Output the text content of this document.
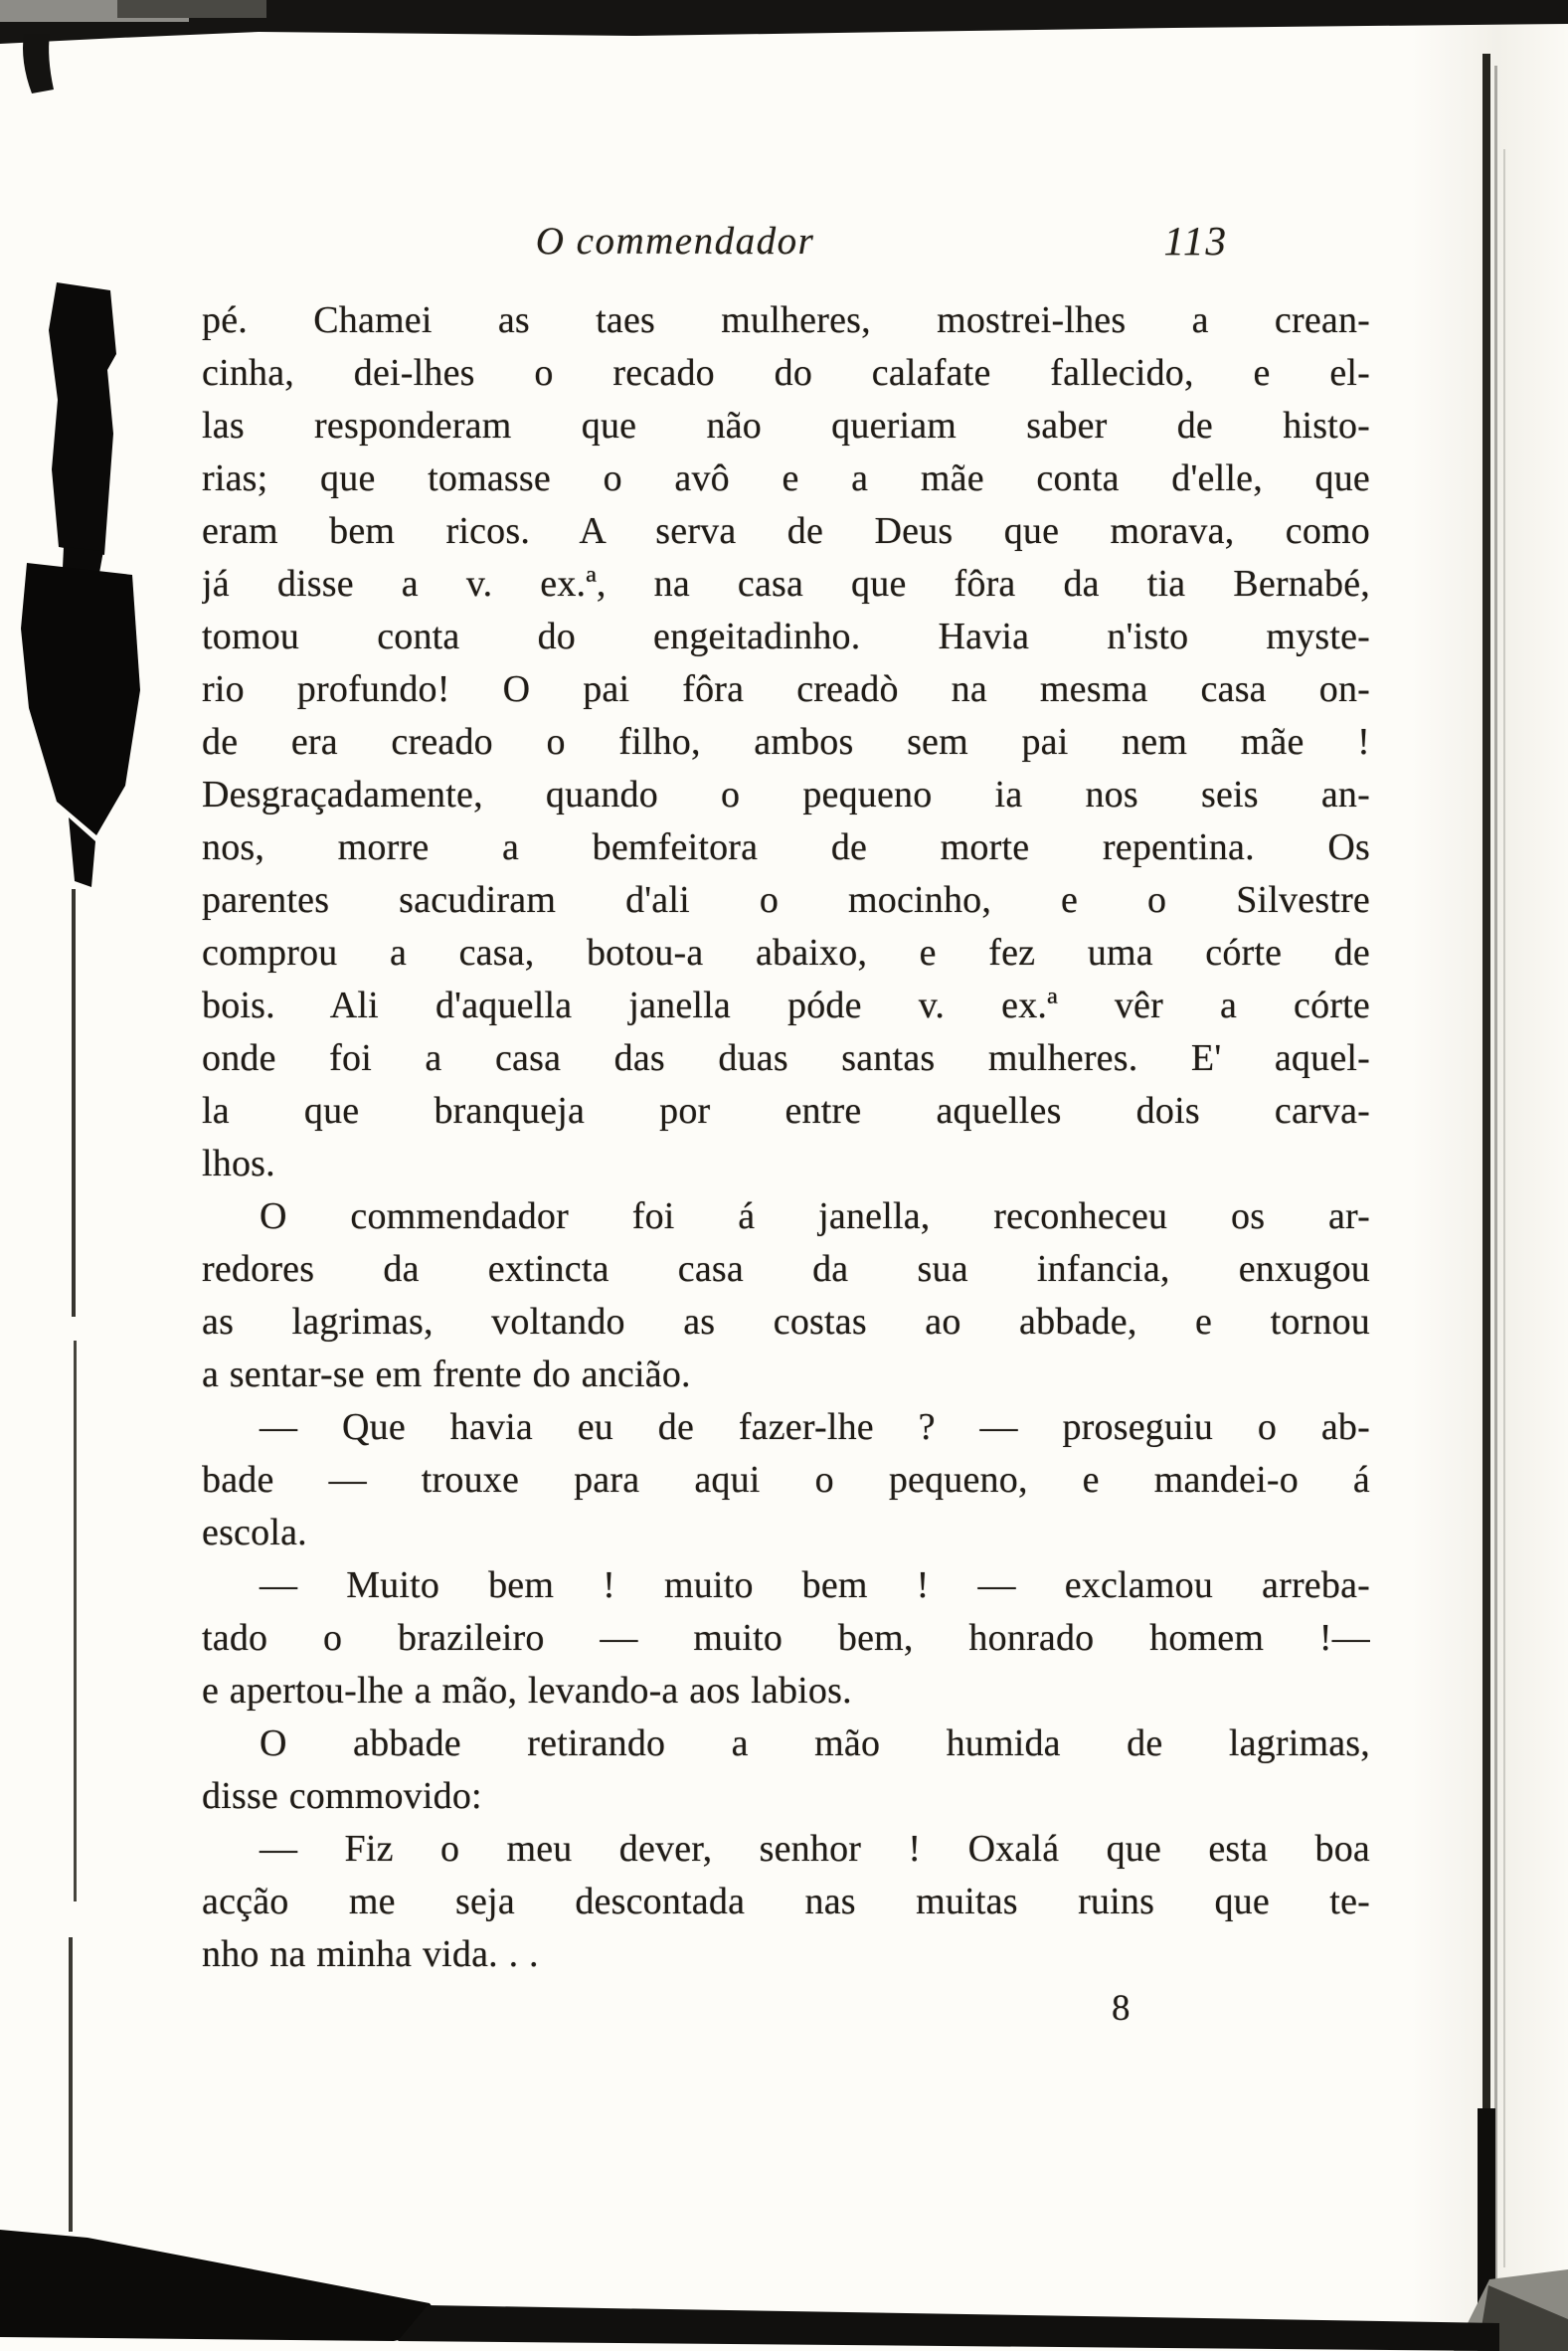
O commendador	113
pé. Chamei as taes mulheres, mostrei-lhes a crean-
cinha, dei-lhes o recado do calafate fallecido, e el-
las responderam que não queriam saber de histo-
rias; que tomasse o avô e a mãe conta d'elle, que
eram bem ricos. A serva de Deus que morava, como
já disse a v. ex.ª, na casa que fôra da tia Bernabé,
tomou conta do engeitadinho. Havia n'isto myste-
rio profundo! O pai fôra creadò na mesma casa on-
de era creado o filho, ambos sem pai nem mãe !
Desgraçadamente, quando o pequeno ia nos seis an-
nos, morre a bemfeitora de morte repentina. Os
parentes sacudiram d'ali o mocinho, e o Silvestre
comprou a casa, botou-a abaixo, e fez uma córte de
bois. Ali d'aquella janella póde v. ex.ª vêr a córte
onde foi a casa das duas santas mulheres. E' aquel-
la que branqueja por entre aquelles dois carva-
lhos.
O commendador foi á janella, reconheceu os ar-
redores da extincta casa da sua infancia, enxugou
as lagrimas, voltando as costas ao abbade, e tornou
a sentar-se em frente do ancião.
— Que havia eu de fazer-lhe ? — proseguiu o ab-
bade — trouxe para aqui o pequeno, e mandei-o á
escola.
— Muito bem ! muito bem ! — exclamou arreba-
tado o brazileiro — muito bem, honrado homem !—
e apertou-lhe a mão, levando-a aos labios.
O abbade retirando a mão humida de lagrimas,
disse commovido:
— Fiz o meu dever, senhor ! Oxalá que esta boa
acção me seja descontada nas muitas ruins que te-
nho na minha vida. . .
8
